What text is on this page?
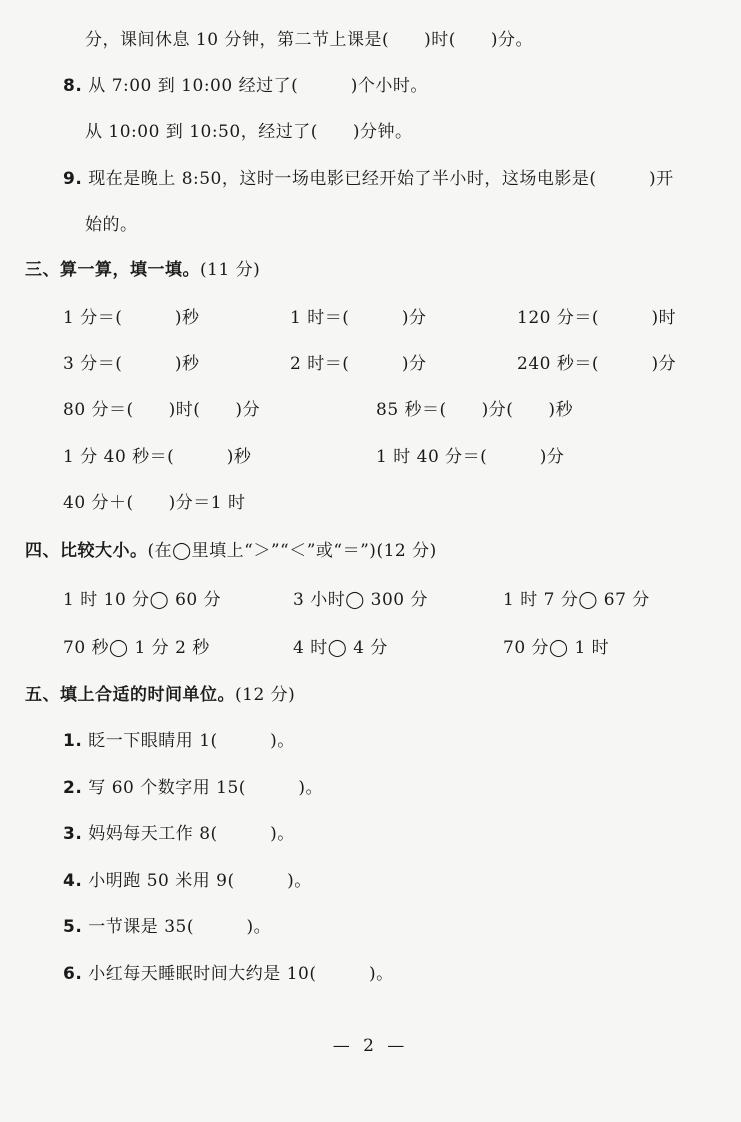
分，课间休息 10 分钟，第二节上课是(　　)时(　　)分。
8. 从 7:00 到 10:00 经过了(　　　)个小时。
从 10:00 到 10:50，经过了(　　)分钟。
9. 现在是晚上 8:50，这时一场电影已经开始了半小时，这场电影是(　　　)开
始的。
三、算一算，填一填。(11 分)
1 分＝(　　　)秒	1 时＝(　　　)分	120 分＝(　　　)时
3 分＝(　　　)秒	2 时＝(　　　)分	240 秒＝(　　　)分
80 分＝(　　)时(　　)分	85 秒＝(　　)分(　　)秒
1 分 40 秒＝(　　　)秒	1 时 40 分＝(　　　)分
40 分＋(　　)分＝1 时
四、比较大小。(在◯里填上“＞”“＜”或“＝”)(12 分)
1 时 10 分◯ 60 分	3 小时◯ 300 分	1 时 7 分◯ 67 分
70 秒◯ 1 分 2 秒	4 时◯ 4 分	70 分◯ 1 时
五、填上合适的时间单位。(12 分)
1. 眨一下眼睛用 1(　　　)。
2. 写 60 个数字用 15(　　　)。
3. 妈妈每天工作 8(　　　)。
4. 小明跑 50 米用 9(　　　)。
5. 一节课是 35(　　　)。
6. 小红每天睡眠时间大约是 10(　　　)。
— 2 —
